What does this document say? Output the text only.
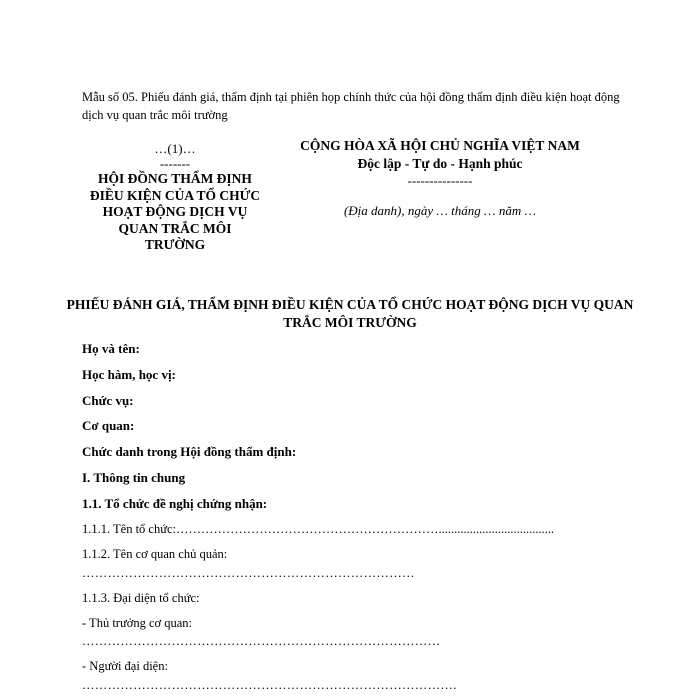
Mẫu số 05. Phiếu đánh giá, thẩm định tại phiên họp chính thức của hội đồng thẩm định điều kiện hoạt động dịch vụ quan trắc môi trường
…(1)…
-------
HỘI ĐỒNG THẨM ĐỊNH
ĐIỀU KIỆN CỦA TỔ CHỨC
HOẠT ĐỘNG DỊCH VỤ
QUAN TRẮC MÔI
TRƯỜNG
CỘNG HÒA XÃ HỘI CHỦ NGHĨA VIỆT NAM
Độc lập - Tự do - Hạnh phúc
---------------
(Địa danh), ngày … tháng … năm …
PHIẾU ĐÁNH GIÁ, THẨM ĐỊNH ĐIỀU KIỆN CỦA TỔ CHỨC HOẠT ĐỘNG DỊCH VỤ QUAN TRẮC MÔI TRƯỜNG
Họ và tên:
Học hàm, học vị:
Chức vụ:
Cơ quan:
Chức danh trong Hội đồng thẩm định:
I. Thông tin chung
1.1. Tổ chức đề nghị chứng nhận:
1.1.1. Tên tổ chức:……………………………………………………….....................................
1.1.2. Tên cơ quan chủ quản:
……………………………………………………………………
1.1.3. Đại diện tổ chức:
- Thủ trưởng cơ quan:
…………………………………………………………………………
- Người đại diện:
…………………………………………………………………………….
